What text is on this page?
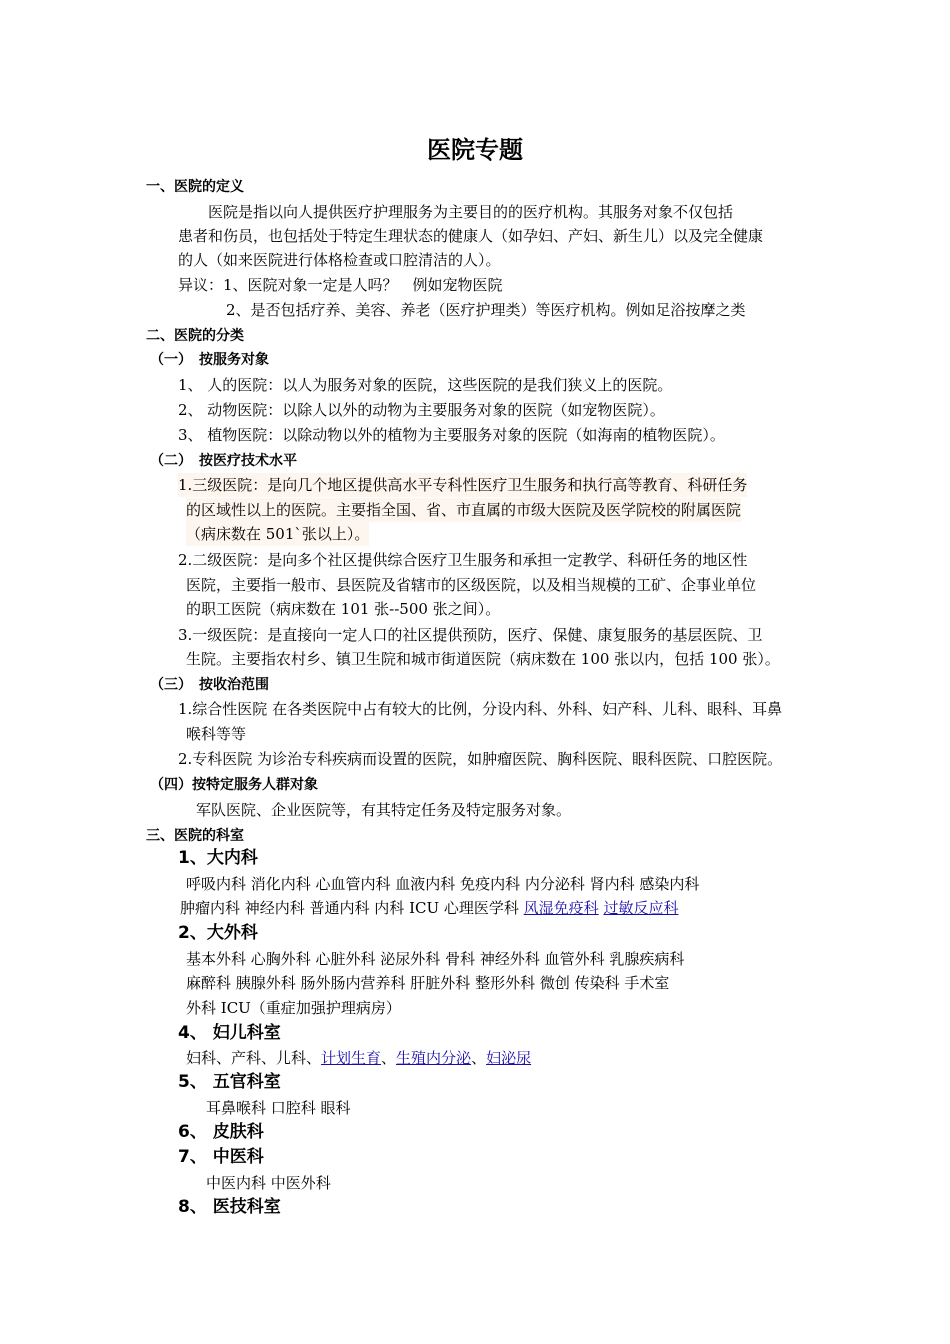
医院专题
一、医院的定义
医院是指以向人提供医疗护理服务为主要目的的医疗机构。其服务对象不仅包括
患者和伤员，也包括处于特定生理状态的健康人（如孕妇、产妇、新生儿）以及完全健康
的人（如来医院进行体格检查或口腔清洁的人）。
异议：1、医院对象一定是人吗？　例如宠物医院
2、是否包括疗养、美容、养老（医疗护理类）等医疗机构。例如足浴按摩之类
二、医院的分类
（一）　按服务对象
1、 人的医院：以人为服务对象的医院，这些医院的是我们狭义上的医院。
2、 动物医院：以除人以外的动物为主要服务对象的医院（如宠物医院）。
3、 植物医院：以除动物以外的植物为主要服务对象的医院（如海南的植物医院）。
（二）　按医疗技术水平
1.三级医院：是向几个地区提供高水平专科性医疗卫生服务和执行高等教育、科研任务
的区域性以上的医院。主要指全国、省、市直属的市级大医院及医学院校的附属医院
（病床数在 501`张以上）。
2.二级医院：是向多个社区提供综合医疗卫生服务和承担一定教学、科研任务的地区性
医院，主要指一般市、县医院及省辖市的区级医院，以及相当规模的工矿、企事业单位
的职工医院（病床数在 101 张--500 张之间）。
3.一级医院：是直接向一定人口的社区提供预防，医疗、保健、康复服务的基层医院、卫
生院。主要指农村乡、镇卫生院和城市街道医院（病床数在 100 张以内，包括 100 张）。
（三）　按收治范围
1.综合性医院 在各类医院中占有较大的比例，分设内科、外科、妇产科、儿科、眼科、耳鼻
喉科等等
2.专科医院 为诊治专科疾病而设置的医院，如肿瘤医院、胸科医院、眼科医院、口腔医院。
（四）按特定服务人群对象
军队医院、企业医院等，有其特定任务及特定服务对象。
三、医院的科室
1、大内科
呼吸内科 消化内科 心血管内科 血液内科 免疫内科 内分泌科 肾内科 感染内科
肿瘤内科 神经内科 普通内科 内科 ICU 心理医学科 风湿免疫科 过敏反应科
2、大外科
基本外科 心胸外科 心脏外科 泌尿外科 骨科 神经外科 血管外科 乳腺疾病科
麻醉科 胰腺外科 肠外肠内营养科 肝脏外科 整形外科 微创 传染科 手术室
外科 ICU（重症加强护理病房）
4、 妇儿科室
妇科、产科、儿科、计划生育、生殖内分泌、妇泌尿
5、 五官科室
耳鼻喉科 口腔科 眼科
6、 皮肤科
7、 中医科
中医内科 中医外科
8、 医技科室
